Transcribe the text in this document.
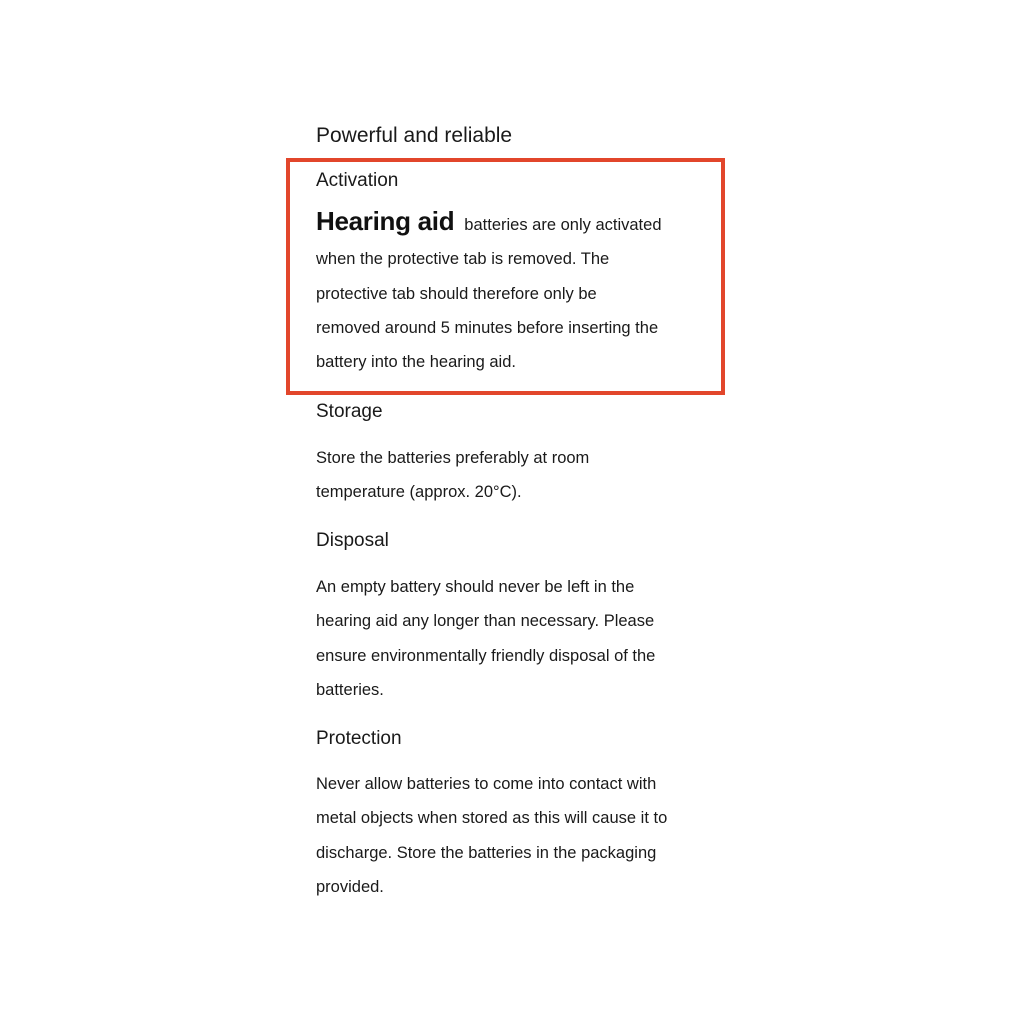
Powerful and reliable
Activation
Hearing aid batteries are only activated
when the protective tab is removed. The
protective tab should therefore only be
removed around 5 minutes before inserting the
battery into the hearing aid.
Storage
Store the batteries preferably at room
temperature (approx. 20°C).
Disposal
An empty battery should never be left in the
hearing aid any longer than necessary. Please
ensure environmentally friendly disposal of the
batteries.
Protection
Never allow batteries to come into contact with
metal objects when stored as this will cause it to
discharge. Store the batteries in the packaging
provided.
